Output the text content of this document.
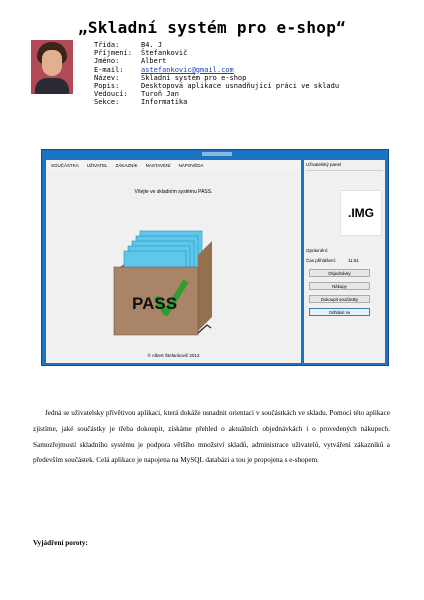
„Skladní systém pro e-shop“
Třída:	B4. J
Příjmení:	Štefankovič
Jméno:	Albert
E-mail:	astefankovic@gmail.com
Název:	Skladní systém pro e-shop
Popis:	Desktopová aplikace usnadňující práci ve skladu
Vedoucí:	Turoň Jan
Sekce:	Informatika
SOUČÁSTKA UŽIVATEL ZÁKAZNÍK NASTAVENÍ NÁPOVĚDA
Vítejte ve skladním systému PASS.
PASS
© Albert Štefankovič 2013
Uživatelský panel
.IMG
Oprávnění:
Čas přihlášení:	11:51
Objednávky
Nákupy
Dokoupit součástky
Odhlásit se
Jedná se uživatelsky přívětivou aplikaci, která dokáže usnadnit orientaci v součástkách ve skladu. Pomocí této aplikace zjistíme, jaké součástky je třeba dokoupit, získáme přehled o aktuálních objednávkách i o provedených nákupech. Samozřejmostí skladního systému je podpora většího množství skladů, administrace uživatelů, vytváření zákazníků a především součástek. Celá aplikace je napojena na MySQL databázi a tou je propojena s e-shopem.
Vyjádření poroty:
